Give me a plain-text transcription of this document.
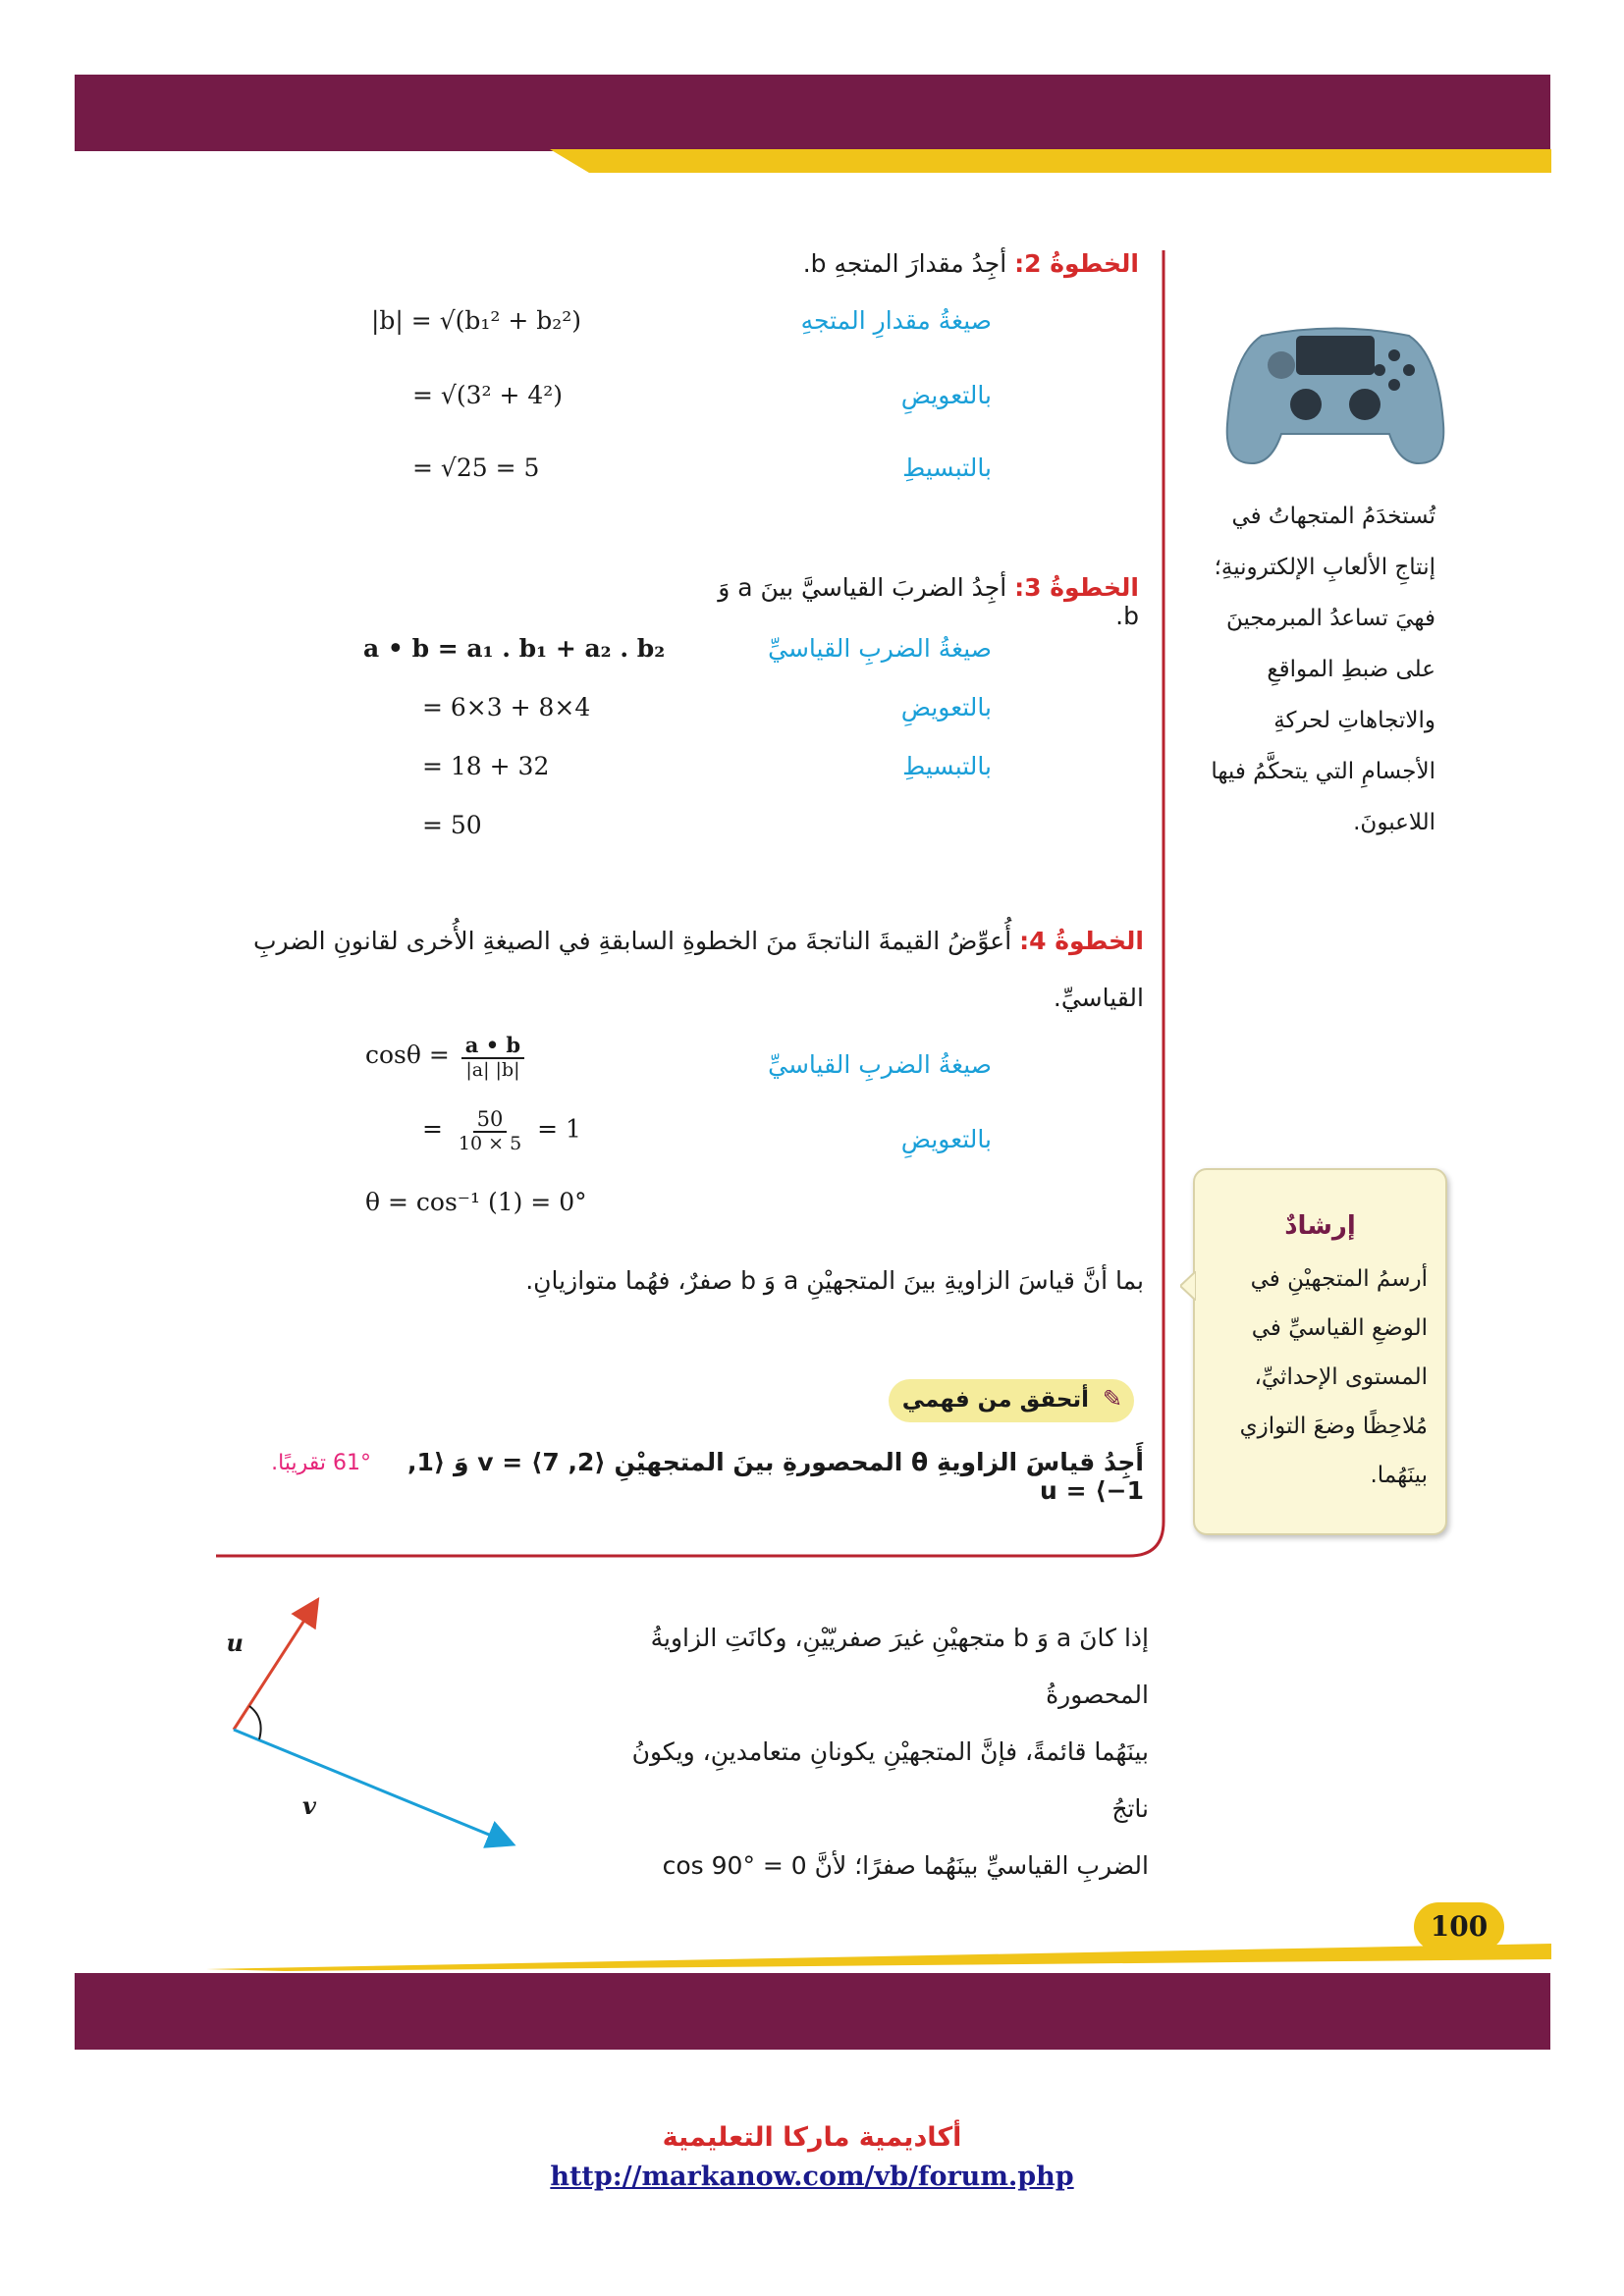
تُستخدَمُ المتجهاتُ في إنتاجِ الألعابِ الإلكترونيةِ؛ فهيَ تساعدُ المبرمجينَ على ضبطِ المواقعِ والاتجاهاتِ لحركةِ الأجسامِ التي يتحكَّمُ فيها اللاعبونَ.
الخطوةُ 2: أجِدُ مقدارَ المتجهِ b.
صيغةُ مقدارِ المتجهِ
|b| = √(b₁² + b₂²)
بالتعويضِ
= √(3² + 4²)
بالتبسيطِ
= √25 = 5
الخطوةُ 3: أجِدُ الضربَ القياسيَّ بينَ a وَ b.
صيغةُ الضربِ القياسيِّ
a • b = a₁ . b₁ + a₂ . b₂
بالتعويضِ
= 6×3 + 8×4
بالتبسيطِ
= 18 + 32
= 50
الخطوةُ 4: أُعوِّضُ القيمةَ الناتجةَ منَ الخطوةِ السابقةِ في الصيغةِ الأُخرى لقانونِ الضربِ القياسيِّ.
صيغةُ الضربِ القياسيِّ
$\cos\theta = \frac{a • b}{|a| |b|}$
بالتعويضِ
= $\frac{50}{10 \times 5} = 1$
θ = cos⁻¹ (1) = 0°
بما أنَّ قياسَ الزاويةِ بينَ المتجهيْنِ a وَ b صفرٌ، فهُما متوازيانِ.
أتحقق من فهمي ✎
أَجِدُ قياسَ الزاويةِ θ المحصورةِ بينَ المتجهيْنِ ⟨2, 7⟩ = v وَ ⟨1, 1−⟩ = u
61° تقريبًا.
إرشادٌ
أرسمُ المتجهيْنِ في الوضعِ القياسيِّ في المستوى الإحداثيِّ، مُلاحِظًا وضعَ التوازي بينَهُما.
إذا كانَ a وَ b متجهيْنِ غيرَ صفريّيْنِ، وكانَتِ الزاويةُ المحصورةُ
بينَهُما قائمةً، فإنَّ المتجهيْنِ يكونانِ متعامدينِ، ويكونُ ناتجُ
الضربِ القياسيِّ بينَهُما صفرًا؛ لأنَّ cos 90° = 0
u
v
100
أكاديمية ماركا التعليمية
http://markanow.com/vb/forum.php
